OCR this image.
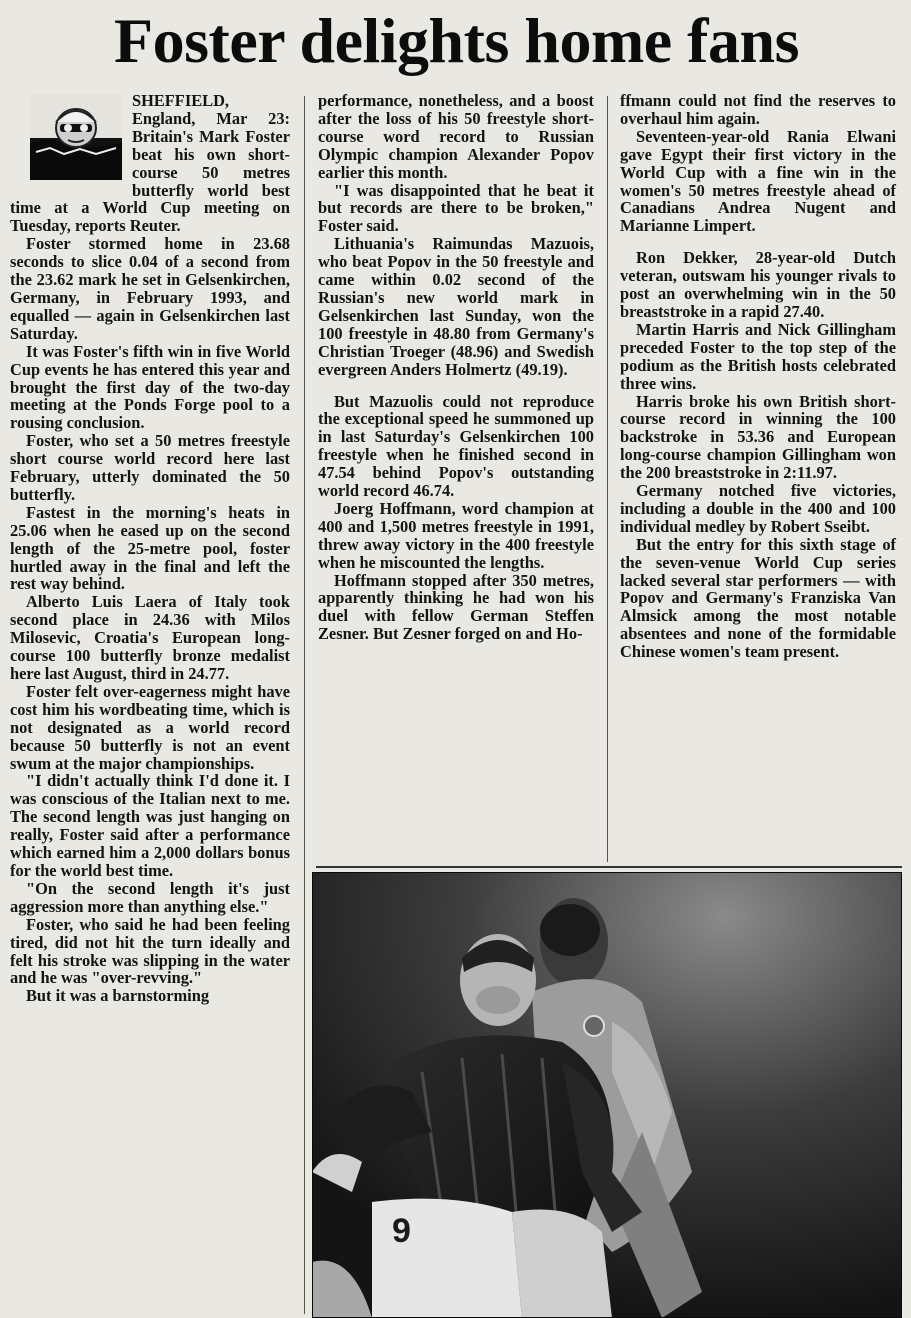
Foster delights home fans

SHEFFIELD, England, Mar 23: Britain's Mark Foster beat his own short-course 50 metres butterfly world best time at a World Cup meeting on Tuesday, reports Reuter.

Foster stormed home in 23.68 seconds to slice 0.04 of a second from the 23.62 mark he set in Gelsenkirchen, Germany, in February 1993, and equalled — again in Gelsenkirchen last Saturday.

It was Foster's fifth win in five World Cup events he has entered this year and brought the first day of the two-day meeting at the Ponds Forge pool to a rousing conclusion.

Foster, who set a 50 metres freestyle short course world record here last February, utterly dominated the 50 butterfly.

Fastest in the morning's heats in 25.06 when he eased up on the second length of the 25-metre pool, foster hurtled away in the final and left the rest way behind.

Alberto Luis Laera of Italy took second place in 24.36 with Milos Milosevic, Croatia's European long-course 100 butterfly bronze medalist here last August, third in 24.77.

Foster felt over-eagerness might have cost him his wordbeating time, which is not designated as a world record because 50 butterfly is not an event swum at the major championships.

"I didn't actually think I'd done it. I was conscious of the Italian next to me. The second length was just hanging on really, Foster said after a performance which earned him a 2,000 dollars bonus for the world best time.

"On the second length it's just aggression more than anything else."

Foster, who said he had been feeling tired, did not hit the turn ideally and felt his stroke was slipping in the water and he was "over-revving."

But it was a barnstorming

performance, nonetheless, and a boost after the loss of his 50 freestyle short-course word record to Russian Olympic champion Alexander Popov earlier this month.

"I was disappointed that he beat it but records are there to be broken," Foster said.

Lithuania's Raimundas Mazuois, who beat Popov in the 50 freestyle and came within 0.02 second of the Russian's new world mark in Gelsenkirchen last Sunday, won the 100 freestyle in 48.80 from Germany's Christian Troeger (48.96) and Swedish evergreen Anders Holmertz (49.19).

But Mazuolis could not reproduce the exceptional speed he summoned up in last Saturday's Gelsenkirchen 100 freestyle when he finished second in 47.54 behind Popov's outstanding world record 46.74.

Joerg Hoffmann, word champion at 400 and 1,500 metres freestyle in 1991, threw away victory in the 400 freestyle when he miscounted the lengths.

Hoffmann stopped after 350 metres, apparently thinking he had won his duel with fellow German Steffen Zesner. But Zesner forged on and Ho-

ffmann could not find the reserves to overhaul him again.

Seventeen-year-old Rania Elwani gave Egypt their first victory in the World Cup with a fine win in the women's 50 metres freestyle ahead of Canadians Andrea Nugent and Marianne Limpert.

Ron Dekker, 28-year-old Dutch veteran, outswam his younger rivals to post an overwhelming win in the 50 breaststroke in a rapid 27.40.

Martin Harris and Nick Gillingham preceded Foster to the top step of the podium as the British hosts celebrated three wins.

Harris broke his own British short-course record in winning the 100 backstroke in 53.36 and European long-course champion Gillingham won the 200 breaststroke in 2:11.97.

Germany notched five victories, including a double in the 400 and 100 individual medley by Robert Sseibt.

But the entry for this sixth stage of the seven-venue World Cup series lacked several star performers — with Popov and Germany's Franziska Van Almsick among the most notable absentees and none of the formidable Chinese women's team present.

9
